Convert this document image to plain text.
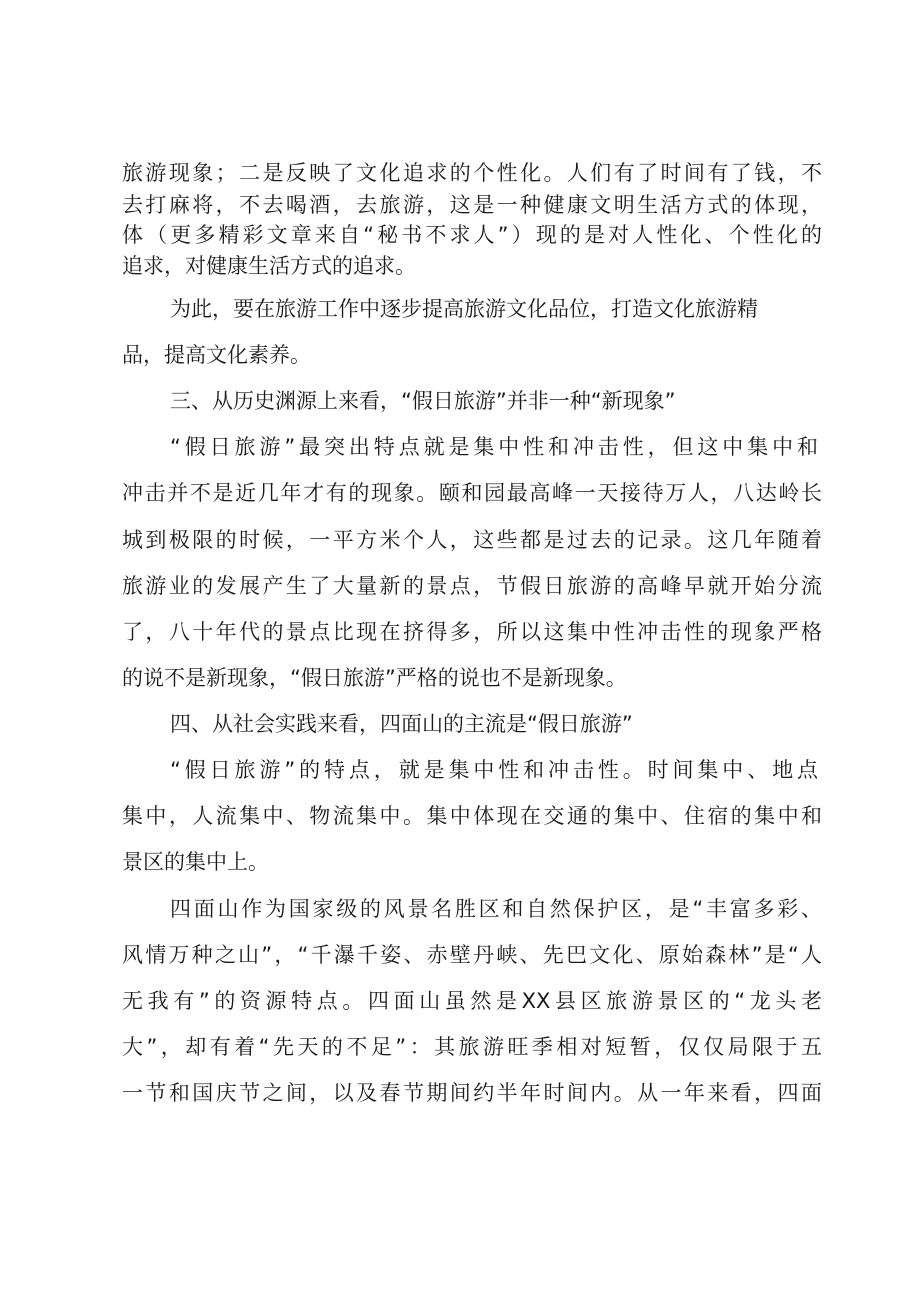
旅游现象；二是反映了文化追求的个性化。人们有了时间有了钱，不
去打麻将，不去喝酒，去旅游，这是一种健康文明生活方式的体现，
体（更多精彩文章来自“秘书不求人”）现的是对人性化、个性化的
追求，对健康生活方式的追求。
为此，要在旅游工作中逐步提高旅游文化品位，打造文化旅游精
品，提高文化素养。
三、从历史渊源上来看，“假日旅游”并非一种“新现象”
“假日旅游”最突出特点就是集中性和冲击性，但这中集中和
冲击并不是近几年才有的现象。颐和园最高峰一天接待万人，八达岭长
城到极限的时候，一平方米个人，这些都是过去的记录。这几年随着
旅游业的发展产生了大量新的景点，节假日旅游的高峰早就开始分流
了，八十年代的景点比现在挤得多，所以这集中性冲击性的现象严格
的说不是新现象，“假日旅游”严格的说也不是新现象。
四、从社会实践来看，四面山的主流是“假日旅游”
“假日旅游”的特点，就是集中性和冲击性。时间集中、地点
集中，人流集中、物流集中。集中体现在交通的集中、住宿的集中和
景区的集中上。
四面山作为国家级的风景名胜区和自然保护区，是“丰富多彩、
风情万种之山”，“千瀑千姿、赤壁丹峡、先巴文化、原始森林”是“人
无我有”的资源特点。四面山虽然是XX县区旅游景区的“龙头老
大”，却有着“先天的不足”：其旅游旺季相对短暂，仅仅局限于五
一节和国庆节之间，以及春节期间约半年时间内。从一年来看，四面
